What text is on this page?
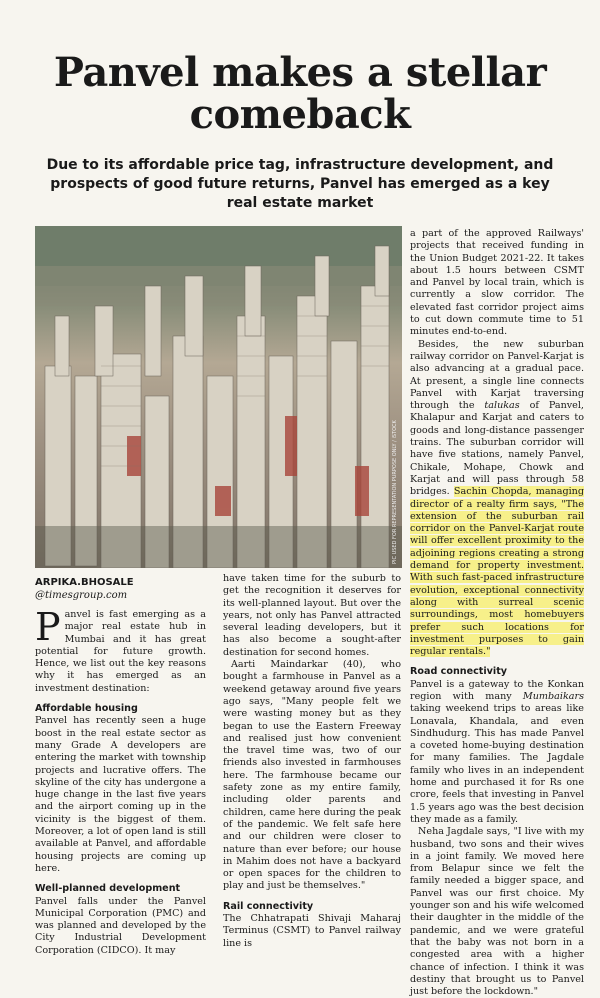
Panvel makes a stellar comeback

Due to its affordable price tag, infrastructure development, and prospects of good future returns, Panvel has emerged as a key real estate market

PIC USED FOR REPRESENTATION PURPOSE ONLY / iSTOCK
ARPIKA.BHOSALE
@timesgroup.com

Panvel is fast emerging as a major real estate hub in Mumbai and it has great potential for future growth. Hence, we list out the key reasons why it has emerged as an investment destination:

Affordable housing

Panvel has recently seen a huge boost in the real estate sector as many Grade A developers are entering the market with township projects and lucrative offers. The skyline of the city has undergone a huge change in the last five years and the airport coming up in the vicinity is the biggest of them. Moreover, a lot of open land is still available at Panvel, and affordable housing projects are coming up here.

Well-planned development

Panvel falls under the Panvel Municipal Corporation (PMC) and was planned and developed by the City Industrial Development Corporation (CIDCO). It may

have taken time for the suburb to get the recognition it deserves for its well-planned layout. But over the years, not only has Panvel attracted several leading developers, but it has also become a sought-after destination for second homes.

Aarti Maindarkar (40), who bought a farmhouse in Panvel as a weekend getaway around five years ago says, "Many people felt we were wasting money but as they began to use the Eastern Freeway and realised just how convenient the travel time was, two of our friends also invested in farmhouses here. The farmhouse became our safety zone as my entire family, including older parents and children, came here during the peak of the pandemic. We felt safe here and our children were closer to nature than ever before; our house in Mahim does not have a backyard or open spaces for the children to play and just be themselves."

Rail connectivity

The Chhatrapati Shivaji Maharaj Terminus (CSMT) to Panvel railway line is

a part of the approved Railways' projects that received funding in the Union Budget 2021-22. It takes about 1.5 hours between CSMT and Panvel by local train, which is currently a slow corridor. The elevated fast corridor project aims to cut down commute time to 51 minutes end-to-end.

Besides, the new suburban railway corridor on Panvel-Karjat is also advancing at a gradual pace. At present, a single line connects Panvel with Karjat traversing through the talukas of Panvel, Khalapur and Karjat and caters to goods and long-distance passenger trains. The suburban corridor will have five stations, namely Panvel, Chikale, Mohape, Chowk and Karjat and will pass through 58 bridges. Sachin Chopda, managing director of a realty firm says, "The extension of the suburban rail corridor on the Panvel-Karjat route will offer excellent proximity to the adjoining regions creating a strong demand for property investment. With such fast-paced infrastructure evolution, exceptional connectivity along with surreal scenic surroundings, most homebuyers prefer such locations for investment purposes to gain regular rentals."

Road connectivity

Panvel is a gateway to the Konkan region with many Mumbaikars taking weekend trips to areas like Lonavala, Khandala, and even Sindhudurg. This has made Panvel a coveted home-buying destination for many families. The Jagdale family who lives in an independent home and purchased it for Rs one crore, feels that investing in Panvel 1.5 years ago was the best decision they made as a family.

Neha Jagdale says, "I live with my husband, two sons and their wives in a joint family. We moved here from Belapur since we felt the family needed a bigger space, and Panvel was our first choice. My younger son and his wife welcomed their daughter in the middle of the pandemic, and we were grateful that the baby was not born in a congested area with a higher chance of infection. I think it was destiny that brought us to Panvel just before the lockdown."
